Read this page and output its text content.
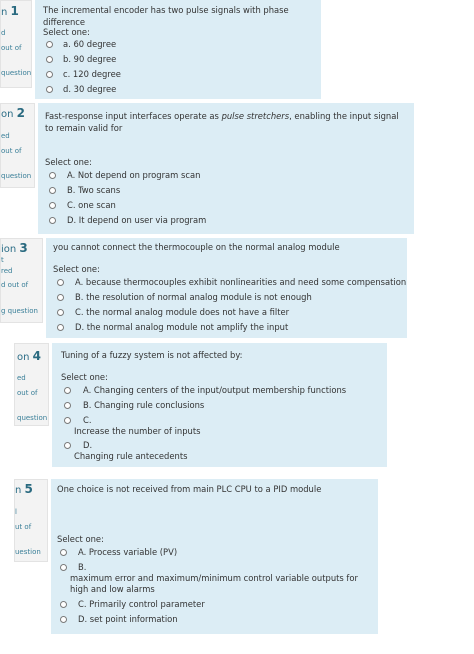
n 1
d
out of
question
The incremental encoder has two pulse signals with phase difference
Select one:
a. 60 degree
b. 90 degree
c. 120 degree
d. 30 degree
on 2
ed
out of
question
Fast-response input interfaces operate as pulse stretchers, enabling the input signal to remain valid for
Select one:
A. Not depend on program scan
B. Two scans
C. one scan
D. It depend on user via program
ion 3
t
red
d out of
g question
you cannot connect the thermocouple on the normal analog module
Select one:
A. because thermocouples exhibit nonlinearities and need some compensation
B. the resolution of normal analog module is not enough
C. the normal analog module does not have a filter
D. the normal analog module not amplify the input
on 4
ed
out of
question
Tuning of a fuzzy system is not affected by:
Select one:
A. Changing centers of the input/output membership functions
B. Changing rule conclusions
C.
Increase the number of inputs
D.
Changing rule antecedents
n 5
l
ut of
uestion
One choice is not received from main PLC CPU to a PID module
Select one:
A. Process variable (PV)
B.
maximum error and maximum/minimum control variable outputs for
high and low alarms
C. Primarily control parameter
D. set point information
